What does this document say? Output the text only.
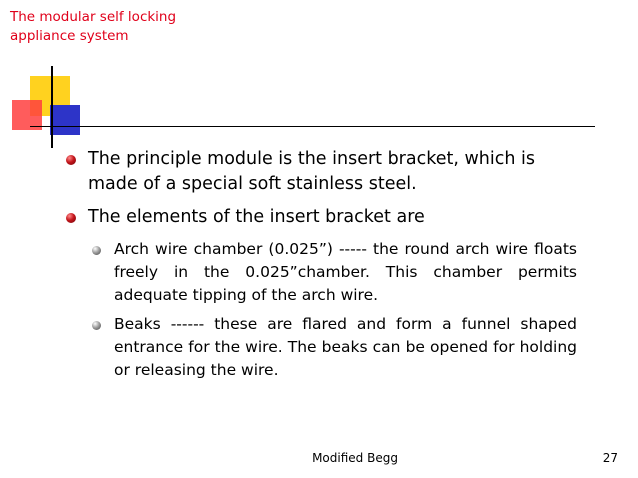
The modular self locking appliance system
The principle module is the insert bracket, which is made of a special soft stainless steel.
The elements of the insert bracket are
Arch wire chamber (0.025”) ----- the round arch wire floats freely in the 0.025”chamber. This chamber permits adequate tipping of the arch wire.
Beaks ------ these are flared and form a funnel shaped entrance for the wire. The beaks can be opened for holding or releasing the wire.
Modified Begg	27
